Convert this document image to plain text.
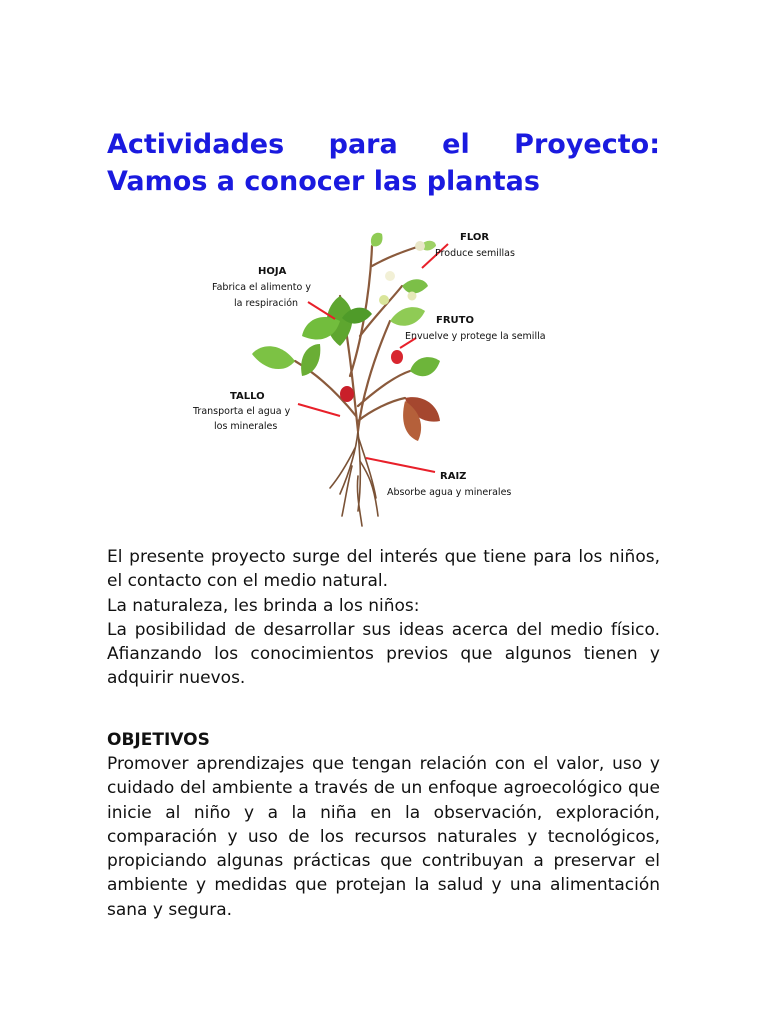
Actividades para el Proyecto:
Vamos a conocer las plantas
FLOR
Produce semillas
HOJA
Fabrica el alimento y
la respiración
FRUTO
Envuelve y protege la semilla
TALLO
Transporta el agua y
los minerales
RAIZ
Absorbe agua y minerales
El presente proyecto surge del interés que tiene para los niños, el contacto con el medio natural.
La naturaleza, les brinda a los niños:
La posibilidad de desarrollar sus ideas acerca del medio físico. Afianzando los conocimientos previos que algunos tienen y adquirir nuevos.
OBJETIVOS
Promover aprendizajes que tengan relación con el valor, uso y cuidado del ambiente a través de un enfoque agroecológico que inicie al niño y a la niña en la observación, exploración, comparación y uso de los recursos naturales y tecnológicos, propiciando algunas prácticas que contribuyan a preservar el ambiente y medidas que protejan la salud y una alimentación sana y segura.
